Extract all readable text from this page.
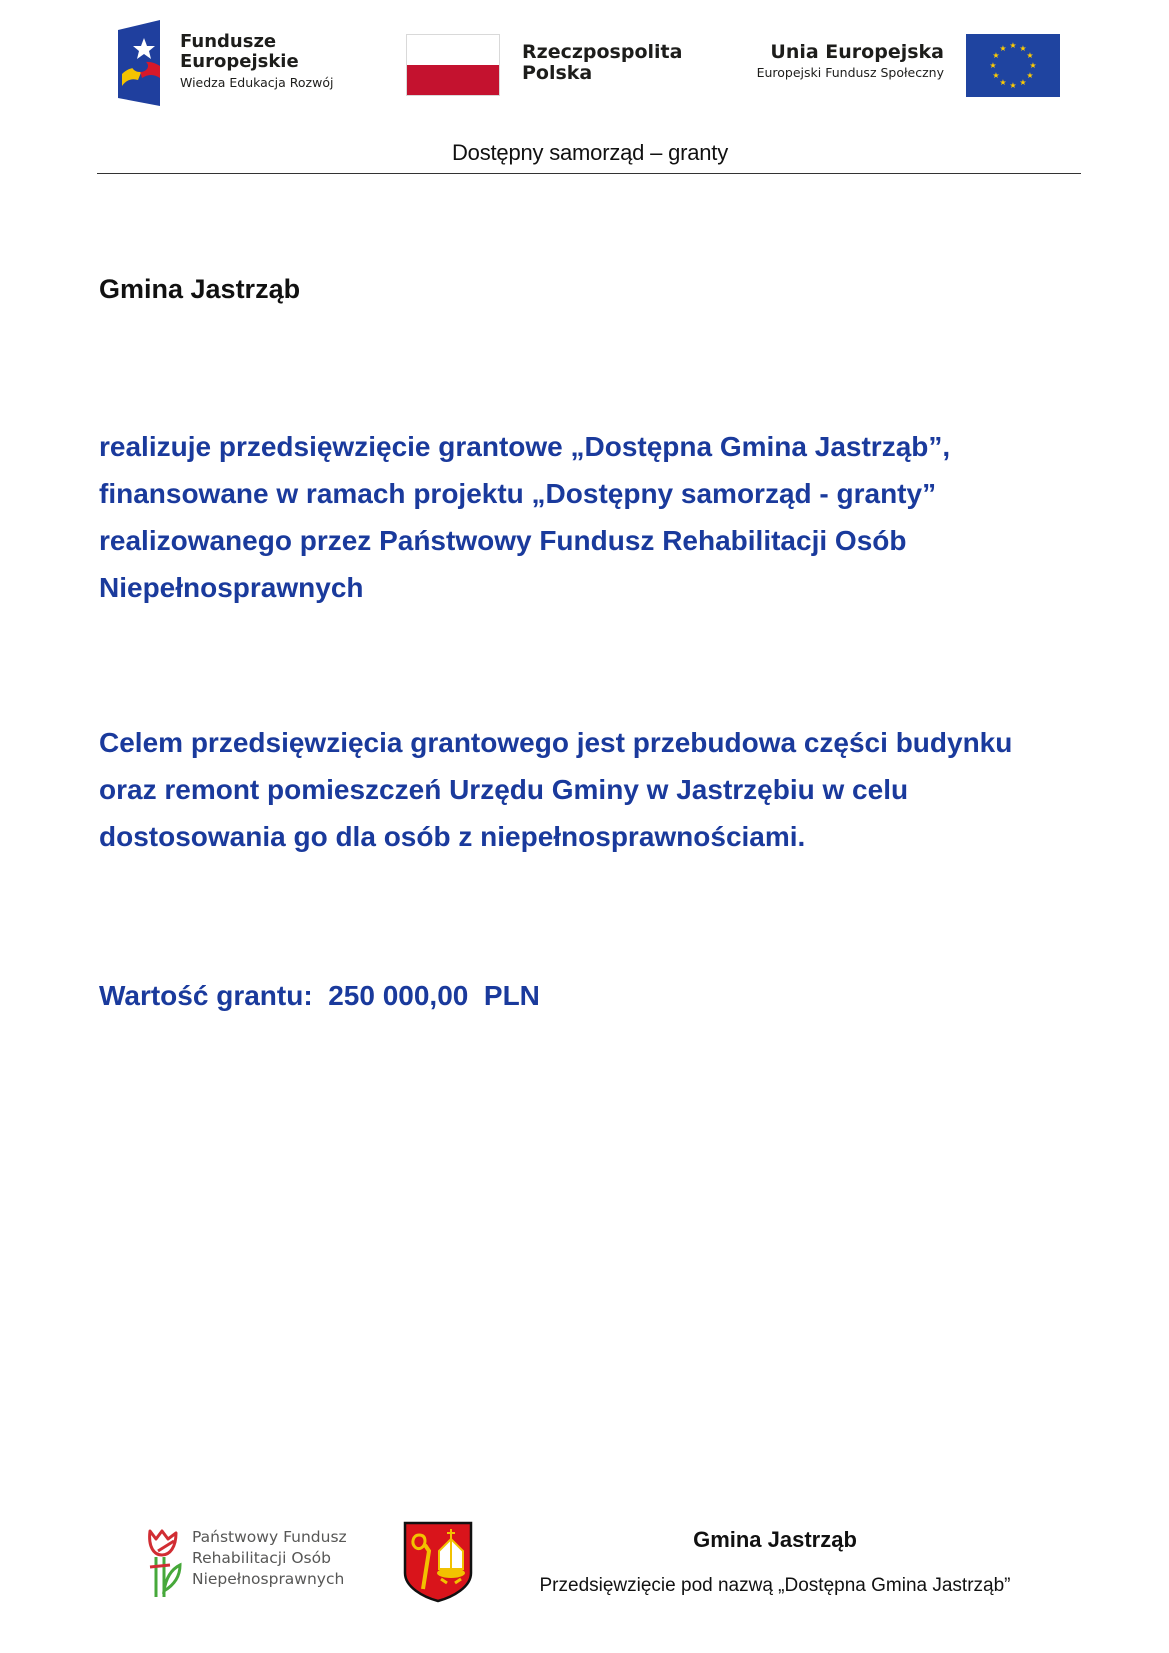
Fundusze
Europejskie
Wiedza Edukacja Rozwój
Rzeczpospolita
Polska
Unia Europejska
Europejski Fundusz Społeczny
★ ★
★
★
★
★
★
★
★
★
★
★
Dostępny samorząd – granty
Gmina Jastrząb
realizuje przedsięwzięcie grantowe „Dostępna Gmina Jastrząb”,
finansowane w ramach projektu „Dostępny samorząd - granty”
realizowanego przez Państwowy Fundusz Rehabilitacji Osób
Niepełnosprawnych
Celem przedsięwzięcia grantowego jest przebudowa części budynku
oraz remont pomieszczeń Urzędu Gminy w Jastrzębiu w celu
dostosowania go dla osób z niepełnosprawnościami.
Wartość grantu:  250 000,00  PLN
Państwowy Fundusz
Rehabilitacji Osób
Niepełnosprawnych
Gmina Jastrząb
Przedsięwzięcie pod nazwą „Dostępna Gmina Jastrząb”
